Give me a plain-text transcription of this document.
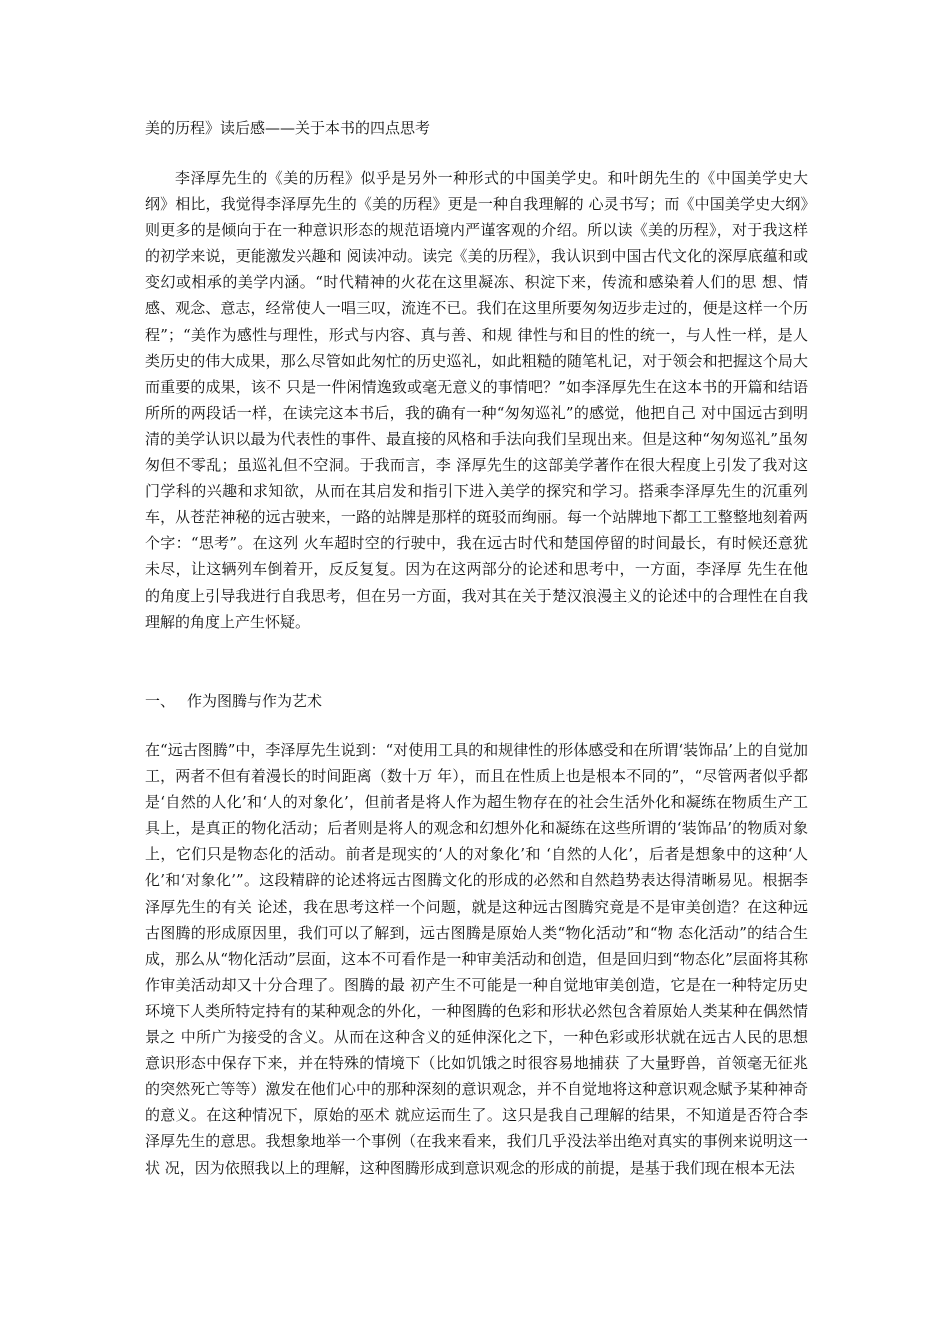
美的历程》读后感——关于本书的四点思考

李泽厚先生的《美的历程》似乎是另外一种形式的中国美学史。和叶朗先生的《中国美学史大纲》相比，我觉得李泽厚先生的《美的历程》更是一种自我理解的 心灵书写；而《中国美学史大纲》则更多的是倾向于在一种意识形态的规范语境内严谨客观的介绍。所以读《美的历程》，对于我这样的初学来说，更能激发兴趣和 阅读冲动。读完《美的历程》，我认识到中国古代文化的深厚底蕴和或变幻或相承的美学内涵。“时代精神的火花在这里凝冻、积淀下来，传流和感染着人们的思 想、情感、观念、意志，经常使人一唱三叹，流连不已。我们在这里所要匆匆迈步走过的，便是这样一个历程”；“美作为感性与理性，形式与内容、真与善、和规 律性与和目的性的统一，与人性一样，是人类历史的伟大成果，那么尽管如此匆忙的历史巡礼，如此粗糙的随笔札记，对于领会和把握这个局大而重要的成果，该不 只是一件闲情逸致或毫无意义的事情吧？”如李泽厚先生在这本书的开篇和结语所所的两段话一样，在读完这本书后，我的确有一种“匆匆巡礼”的感觉，他把自己 对中国远古到明清的美学认识以最为代表性的事件、最直接的风格和手法向我们呈现出来。但是这种“匆匆巡礼”虽匆匆但不零乱；虽巡礼但不空洞。于我而言，李 泽厚先生的这部美学著作在很大程度上引发了我对这门学科的兴趣和求知欲，从而在其启发和指引下进入美学的探究和学习。搭乘李泽厚先生的沉重列车，从苍茫神秘的远古驶来，一路的站牌是那样的斑驳而绚丽。每一个站牌地下都工工整整地刻着两个字：“思考”。在这列 火车超时空的行驶中，我在远古时代和楚国停留的时间最长，有时候还意犹未尽，让这辆列车倒着开，反反复复。因为在这两部分的论述和思考中，一方面，李泽厚 先生在他的角度上引导我进行自我思考，但在另一方面，我对其在关于楚汉浪漫主义的论述中的合理性在自我理解的角度上产生怀疑。

一、 作为图腾与作为艺术

在“远古图腾”中，李泽厚先生说到：“对使用工具的和规律性的形体感受和在所谓‘装饰品’上的自觉加工，两者不但有着漫长的时间距离（数十万 年），而且在性质上也是根本不同的”，“尽管两者似乎都是‘自然的人化’和‘人的对象化’，但前者是将人作为超生物存在的社会生活外化和凝练在物质生产工 具上，是真正的物化活动；后者则是将人的观念和幻想外化和凝练在这些所谓的‘装饰品’的物质对象上，它们只是物态化的活动。前者是现实的‘人的对象化’和 ‘自然的人化’，后者是想象中的这种‘人化’和‘对象化’”。这段精辟的论述将远古图腾文化的形成的必然和自然趋势表达得清晰易见。根据李泽厚先生的有关 论述，我在思考这样一个问题，就是这种远古图腾究竟是不是审美创造？在这种远古图腾的形成原因里，我们可以了解到，远古图腾是原始人类“物化活动”和“物 态化活动”的结合生成，那么从“物化活动”层面，这本不可看作是一种审美活动和创造，但是回归到“物态化”层面将其称作审美活动却又十分合理了。图腾的最 初产生不可能是一种自觉地审美创造，它是在一种特定历史环境下人类所特定持有的某种观念的外化，一种图腾的色彩和形状必然包含着原始人类某种在偶然情景之 中所广为接受的含义。从而在这种含义的延伸深化之下，一种色彩或形状就在远古人民的思想意识形态中保存下来，并在特殊的情境下（比如饥饿之时很容易地捕获 了大量野兽，首领毫无征兆的突然死亡等等）激发在他们心中的那种深刻的意识观念，并不自觉地将这种意识观念赋予某种神奇的意义。在这种情况下，原始的巫术 就应运而生了。这只是我自己理解的结果，不知道是否符合李泽厚先生的意思。我想象地举一个事例（在我来看来，我们几乎没法举出绝对真实的事例来说明这一状 况，因为依照我以上的理解，这种图腾形成到意识观念的形成的前提，是基于我们现在根本无法
